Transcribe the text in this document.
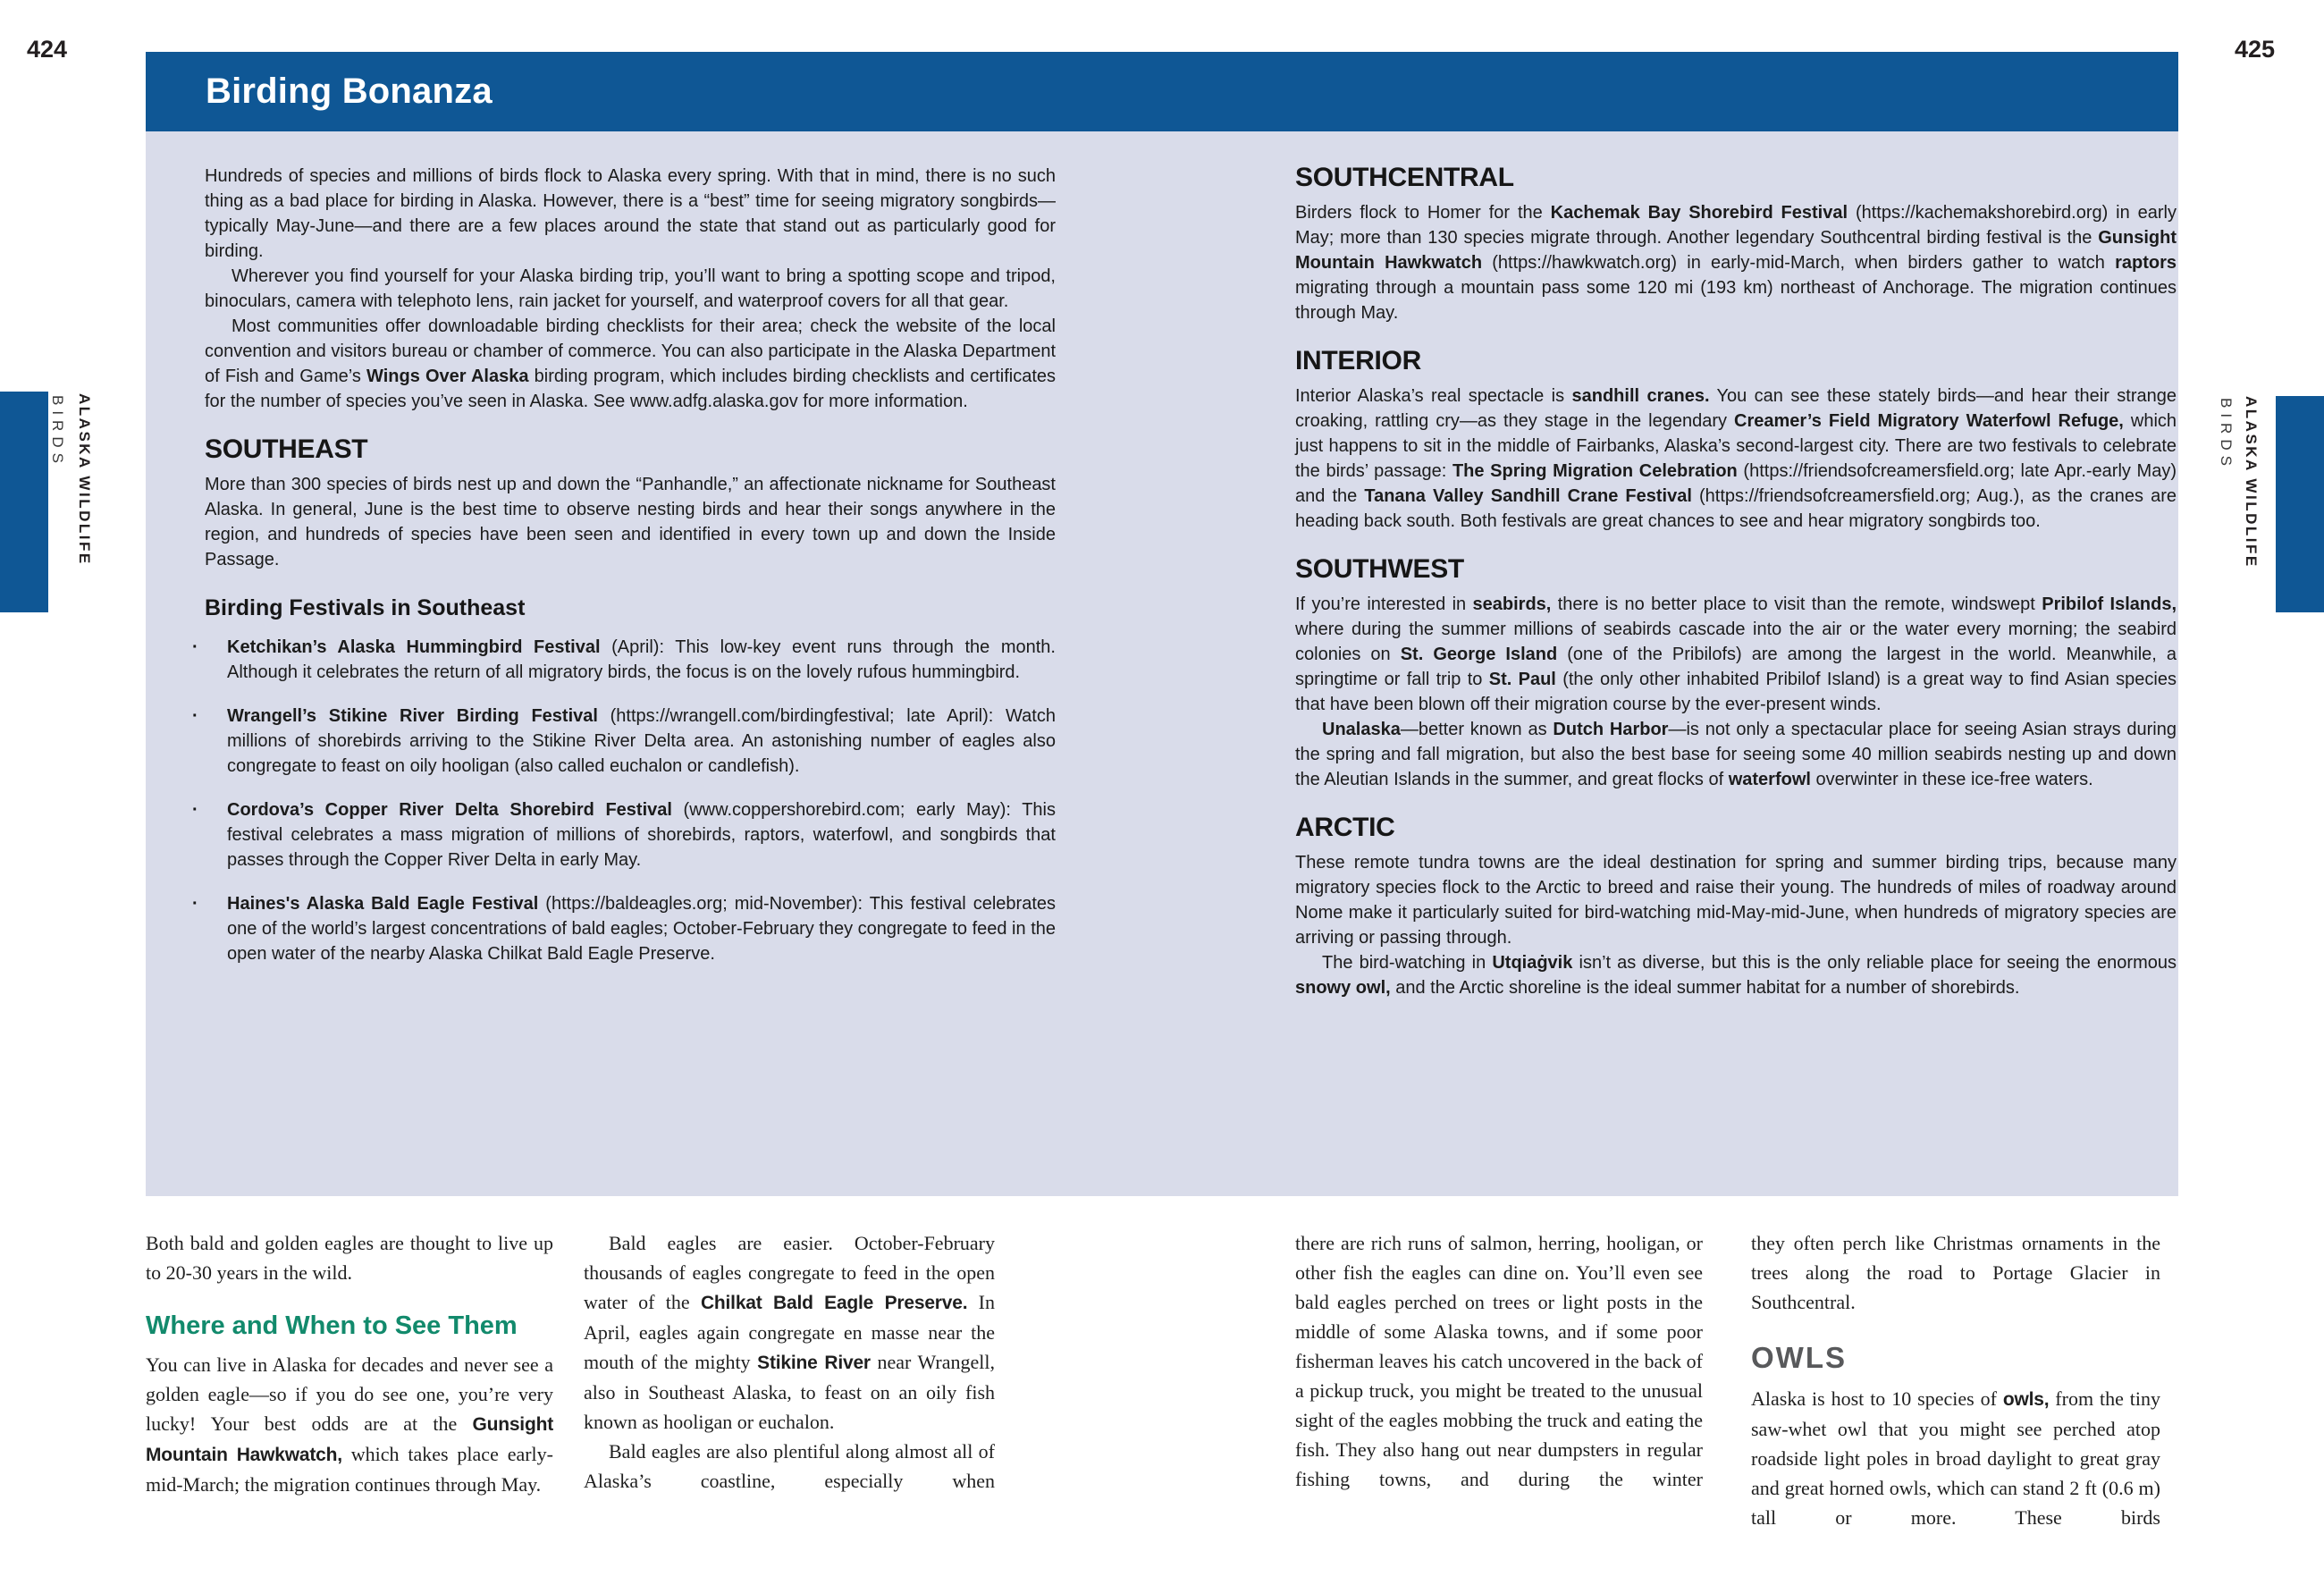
424	425
Birding Bonanza
ALASKA WILDLIFE
BIRDS	ALASKA WILDLIFE
BIRDS

Hundreds of species and millions of birds flock to Alaska every spring. With that in mind, there is no such thing as a bad place for birding in Alaska. However, there is a “best” time for seeing migratory songbirds—typically May-June—and there are a few places around the state that stand out as particularly good for birding.

Wherever you find yourself for your Alaska birding trip, you’ll want to bring a spotting scope and tripod, binoculars, camera with telephoto lens, rain jacket for yourself, and waterproof covers for all that gear.

Most communities offer downloadable birding checklists for their area; check the website of the local convention and visitors bureau or chamber of commerce. You can also participate in the Alaska Department of Fish and Game’s Wings Over Alaska birding program, which includes birding checklists and certificates for the number of species you’ve seen in Alaska. See www.adfg.alaska.gov for more information.

SOUTHEAST

More than 300 species of birds nest up and down the “Panhandle,” an affectionate nickname for Southeast Alaska. In general, June is the best time to observe nesting birds and hear their songs anywhere in the region, and hundreds of species have been seen and identified in every town up and down the Inside Passage.

Birding Festivals in Southeast
· Ketchikan’s Alaska Hummingbird Festival (April): This low-key event runs through the month. Although it celebrates the return of all migratory birds, the focus is on the lovely rufous hummingbird.
· Wrangell’s Stikine River Birding Festival (https://wrangell.com/birdingfestival; late April): Watch millions of shorebirds arriving to the Stikine River Delta area. An astonishing number of eagles also congregate to feast on oily hooligan (also called euchalon or candlefish).
· Cordova’s Copper River Delta Shorebird Festival (www.coppershorebird.com; early May): This festival celebrates a mass migration of millions of shorebirds, raptors, waterfowl, and songbirds that passes through the Copper River Delta in early May.
· Haines's Alaska Bald Eagle Festival (https://baldeagles.org; mid-November): This festival celebrates one of the world’s largest concentrations of bald eagles; October-February they congregate to feed in the open water of the nearby Alaska Chilkat Bald Eagle Preserve.
SOUTHCENTRAL

Birders flock to Homer for the Kachemak Bay Shorebird Festival (https://kachemakshorebird.org) in early May; more than 130 species migrate through. Another legendary Southcentral birding festival is the Gunsight Mountain Hawkwatch (https://hawkwatch.org) in early-mid-March, when birders gather to watch raptors migrating through a mountain pass some 120 mi (193 km) northeast of Anchorage. The migration continues through May.

INTERIOR

Interior Alaska’s real spectacle is sandhill cranes. You can see these stately birds—and hear their strange croaking, rattling cry—as they stage in the legendary Creamer’s Field Migratory Waterfowl Refuge, which just happens to sit in the middle of Fairbanks, Alaska’s second-largest city. There are two festivals to celebrate the birds’ passage: The Spring Migration Celebration (https://friendsofcreamersfield.org; late Apr.-early May) and the Tanana Valley Sandhill Crane Festival (https://friendsofcreamersfield.org; Aug.), as the cranes are heading back south. Both festivals are great chances to see and hear migratory songbirds too.

SOUTHWEST

If you’re interested in seabirds, there is no better place to visit than the remote, windswept Pribilof Islands, where during the summer millions of seabirds cascade into the air or the water every morning; the seabird colonies on St. George Island (one of the Pribilofs) are among the largest in the world. Meanwhile, a springtime or fall trip to St. Paul (the only other inhabited Pribilof Island) is a great way to find Asian species that have been blown off their migration course by the ever-present winds.

Unalaska—better known as Dutch Harbor—is not only a spectacular place for seeing Asian strays during the spring and fall migration, but also the best base for seeing some 40 million seabirds nesting up and down the Aleutian Islands in the summer, and great flocks of waterfowl overwinter in these ice-free waters.

ARCTIC

These remote tundra towns are the ideal destination for spring and summer birding trips, because many migratory species flock to the Arctic to breed and raise their young. The hundreds of miles of roadway around Nome make it particularly suited for bird-watching mid-May-mid-June, when hundreds of migratory species are arriving or passing through.

The bird-watching in Utqiaġvik isn’t as diverse, but this is the only reliable place for seeing the enormous snowy owl, and the Arctic shoreline is the ideal summer habitat for a number of shorebirds.

Both bald and golden eagles are thought to live up to 20-30 years in the wild.

Where and When to See Them

You can live in Alaska for decades and never see a golden eagle—so if you do see one, you’re very lucky! Your best odds are at the Gunsight Mountain Hawkwatch, which takes place early-mid-March; the migration continues through May.

Bald eagles are easier. October-February thousands of eagles congregate to feed in the open water of the Chilkat Bald Eagle Preserve. In April, eagles again congregate en masse near the mouth of the mighty Stikine River near Wrangell, also in Southeast Alaska, to feast on an oily fish known as hooligan or euchalon.

Bald eagles are also plentiful along almost all of Alaska’s coastline, especially when

there are rich runs of salmon, herring, hooligan, or other fish the eagles can dine on. You’ll even see bald eagles perched on trees or light posts in the middle of some Alaska towns, and if some poor fisherman leaves his catch uncovered in the back of a pickup truck, you might be treated to the unusual sight of the eagles mobbing the truck and eating the fish. They also hang out near dumpsters in regular fishing towns, and during the winter

they often perch like Christmas ornaments in the trees along the road to Portage Glacier in Southcentral.

OWLS

Alaska is host to 10 species of owls, from the tiny saw-whet owl that you might see perched atop roadside light poles in broad daylight to great gray and great horned owls, which can stand 2 ft (0.6 m) tall or more. These birds
